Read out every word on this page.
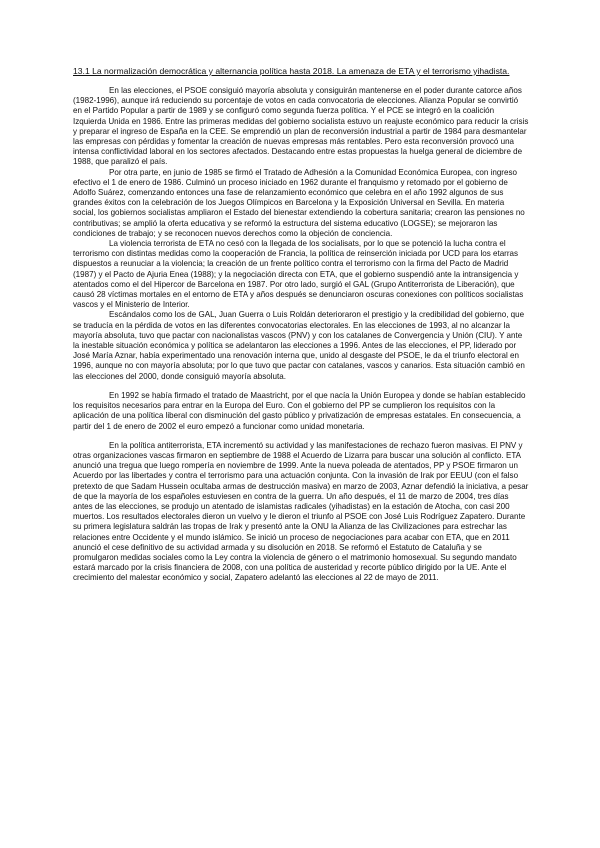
13.1 La normalización democrática y alternancia política hasta 2018. La amenaza de ETA y el terrorismo yihadista.

En las elecciones, el PSOE consiguió mayoría absoluta y consiguirán mantenerse en el poder durante catorce años (1982-1996), aunque irá reduciendo su porcentaje de votos en cada convocatoria de elecciones. Alianza Popular se convirtió en el Partido Popular a partir de 1989 y se configuró como segunda fuerza política. Y el PCE se integró en la coalición Izquierda Unida en 1986. Entre las primeras medidas del gobierno socialista estuvo un reajuste económico para reducir la crisis y preparar el ingreso de España en la CEE. Se emprendió un plan de reconversión industrial a partir de 1984 para desmantelar las empresas con pérdidas y fomentar la creación de nuevas empresas más rentables. Pero esta reconversión provocó una intensa conflictividad laboral en los sectores afectados. Destacando entre estas propuestas la huelga general de diciembre de 1988, que paralizó el país.

Por otra parte, en junio de 1985 se firmó el Tratado de Adhesión a la Comunidad Económica Europea, con ingreso efectivo el 1 de enero de 1986. Culminó un proceso iniciado en 1962 durante el franquismo y retomado por el gobierno de Adolfo Suárez, comenzando entonces una fase de relanzamiento económico que celebra en el año 1992 algunos de sus grandes éxitos con la celebración de los Juegos Olímpicos en Barcelona y la Exposición Universal en Sevilla. En materia social, los gobiernos socialistas ampliaron el Estado del bienestar extendiendo la cobertura sanitaria; crearon las pensiones no contributivas; se amplió la oferta educativa y se reformó la estructura del sistema educativo (LOGSE); se mejoraron las condiciones de trabajo; y se reconocen nuevos derechos como la objeción de conciencia.

La violencia terrorista de ETA no cesó con la llegada de los socialisats, por lo que se potenció la lucha contra el terrorismo con distintas medidas como la cooperación de Francia, la política de reinserción iniciada por UCD para los etarras dispuestos a reunuciar a la violencia; la creación de un frente político contra el terrorismo con la firma del Pacto de Madrid (1987) y el Pacto de Ajuria Enea (1988); y la negociación directa con ETA, que el gobierno suspendió ante la intransigencia y atentados como el del Hipercor de Barcelona en 1987. Por otro lado, surgió el GAL (Grupo Antiterrorista de Liberación), que causó 28 víctimas mortales en el entorno de ETA y años después se denunciaron oscuras conexiones con políticos socialistas vascos y el Ministerio de Interior.

Escándalos como los de GAL, Juan Guerra o Luis Roldán deterioraron el prestigio y la credibilidad del gobierno, que se traducía en la pérdida de votos en las diferentes convocatorias electorales. En las elecciones de 1993, al no alcanzar la mayoría absoluta, tuvo que pactar con nacionalistas vascos (PNV) y con los catalanes de Convergencia y Unión (CIU). Y ante la inestable situación económica y política se adelantaron las elecciones a 1996. Antes de las elecciones, el PP, liderado por José María Aznar, había experimentado una renovación interna que, unido al desgaste del PSOE, le da el triunfo electoral en 1996, aunque no con mayoría absoluta; por lo que tuvo que pactar con catalanes, vascos y canarios. Esta situación cambió en las elecciones del 2000, donde consiguió mayoría absoluta.

En 1992 se había firmado el tratado de Maastricht, por el que nacía la Unión Europea y donde se habían establecido los requisitos necesarios para entrar en la Europa del Euro. Con el gobierno del PP se cumplieron los requisitos con la aplicación de una política liberal con disminución del gasto público y privatización de empresas estatales. En consecuencia, a partir del 1 de enero de 2002 el euro empezó a funcionar como unidad monetaria.

En la política antiterrorista, ETA incrementó su actividad y las manifestaciones de rechazo fueron masivas. El PNV y otras organizaciones vascas firmaron en septiembre de 1988 el Acuerdo de Lizarra para buscar una solución al conflicto. ETA anunció una tregua que luego rompería en noviembre de 1999. Ante la nueva poleada de atentados, PP y PSOE firmaron un Acuerdo por las libertades y contra el terrorismo para una actuación conjunta. Con la invasión de Irak por EEUU (con el falso pretexto de que Sadam Hussein ocultaba armas de destrucción masiva) en marzo de 2003, Aznar defendió la iniciativa, a pesar de que la mayoría de los españoles estuviesen en contra de la guerra. Un año después, el 11 de marzo de 2004, tres días antes de las elecciones, se produjo un atentado de islamistas radicales (yihadistas) en la estación de Atocha, con casi 200 muertos. Los resultados electorales dieron un vuelvo y le dieron el triunfo al PSOE con José Luis Rodríguez Zapatero. Durante su primera legislatura saldrán las tropas de Irak y presentó ante la ONU la Alianza de las Civilizaciones para estrechar las relaciones entre Occidente y el mundo islámico. Se inició un proceso de negociaciones para acabar con ETA, que en 2011 anunció el cese definitivo de su actividad armada y su disolución en 2018. Se reformó el Estatuto de Cataluña y se promulgaron medidas sociales como la Ley contra la violencia de género o el matrimonio homosexual. Su segundo mandato estará marcado por la crisis financiera de 2008, con una política de austeridad y recorte público dirigido por la UE. Ante el crecimiento del malestar económico y social, Zapatero adelantó las elecciones al 22 de mayo de 2011.
